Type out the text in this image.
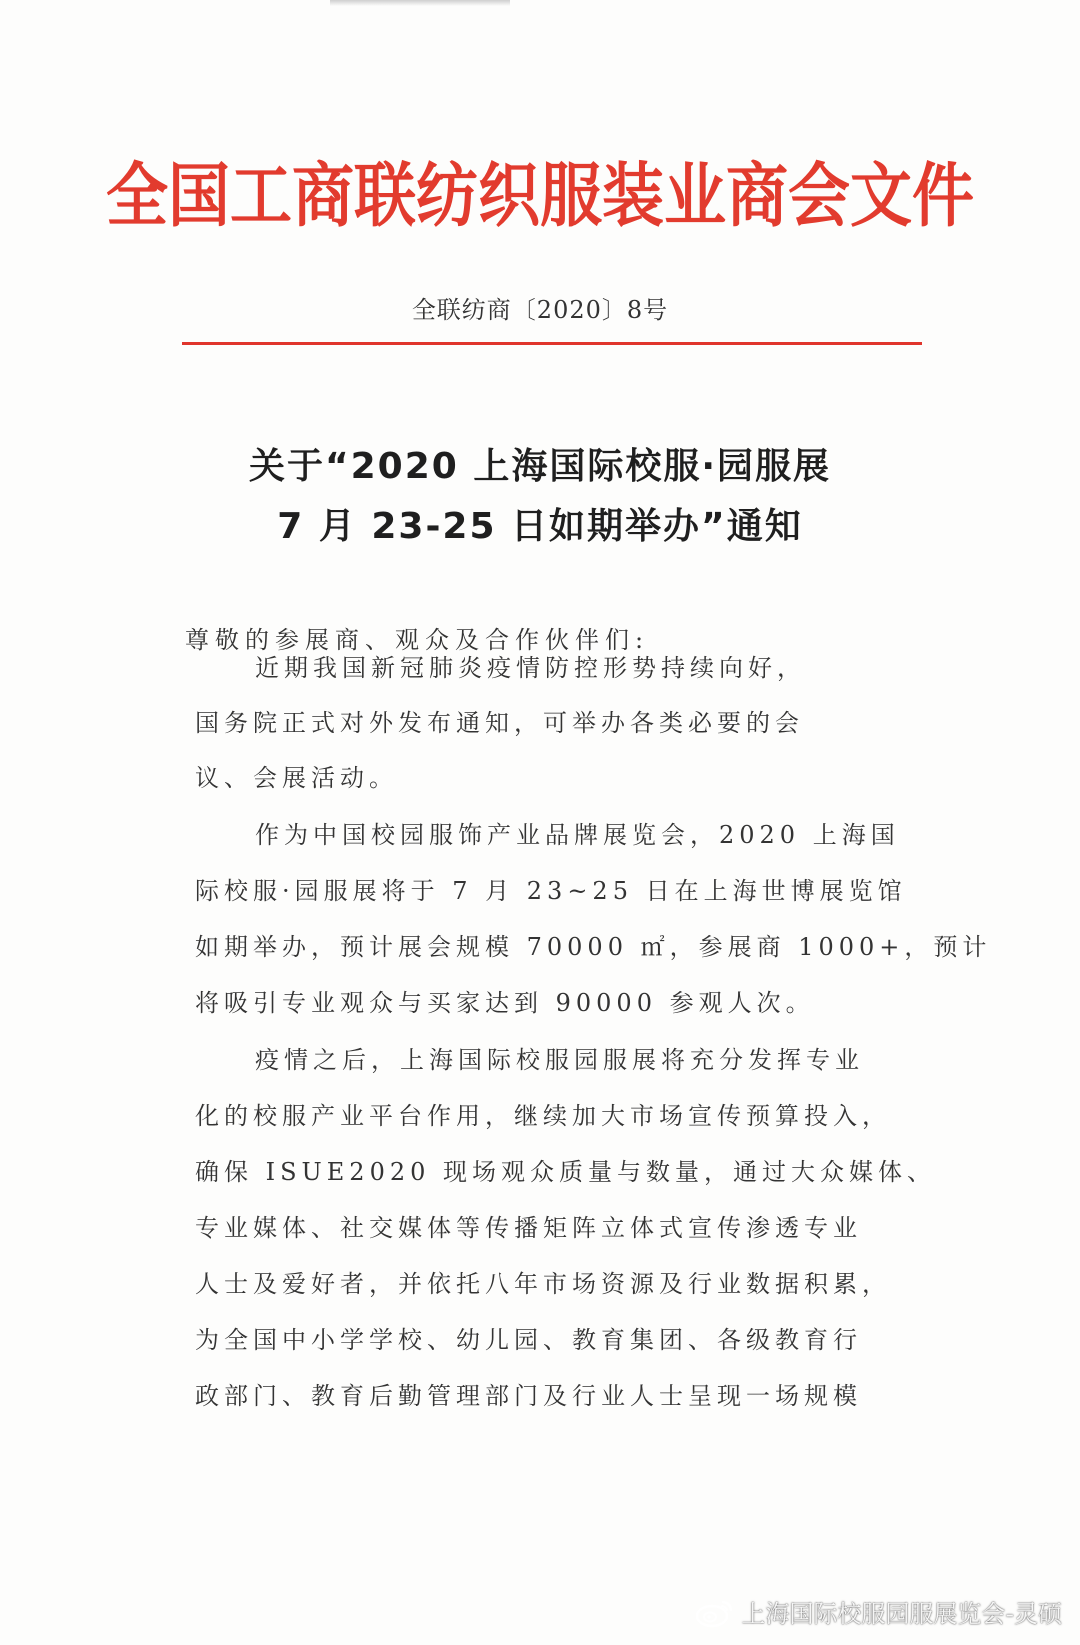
全国工商联纺织服装业商会文件
全联纺商〔2020〕8号
关于“2020 上海国际校服·园服展
7 月 23-25 日如期举办”通知
尊敬的参展商、观众及合作伙伴们:
近期我国新冠肺炎疫情防控形势持续向好，
国务院正式对外发布通知，可举办各类必要的会
议、会展活动。
作为中国校园服饰产业品牌展览会，2020 上海国
际校服·园服展将于 7 月 23~25 日在上海世博展览馆
如期举办，预计展会规模 70000 ㎡，参展商 1000+，预计
将吸引专业观众与买家达到 90000 参观人次。
疫情之后，上海国际校服园服展将充分发挥专业
化的校服产业平台作用，继续加大市场宣传预算投入，
确保 ISUE2020 现场观众质量与数量，通过大众媒体、
专业媒体、社交媒体等传播矩阵立体式宣传渗透专业
人士及爱好者，并依托八年市场资源及行业数据积累，
为全国中小学学校、幼儿园、教育集团、各级教育行
政部门、教育后勤管理部门及行业人士呈现一场规模
上海国际校服园服展览会-灵硕
